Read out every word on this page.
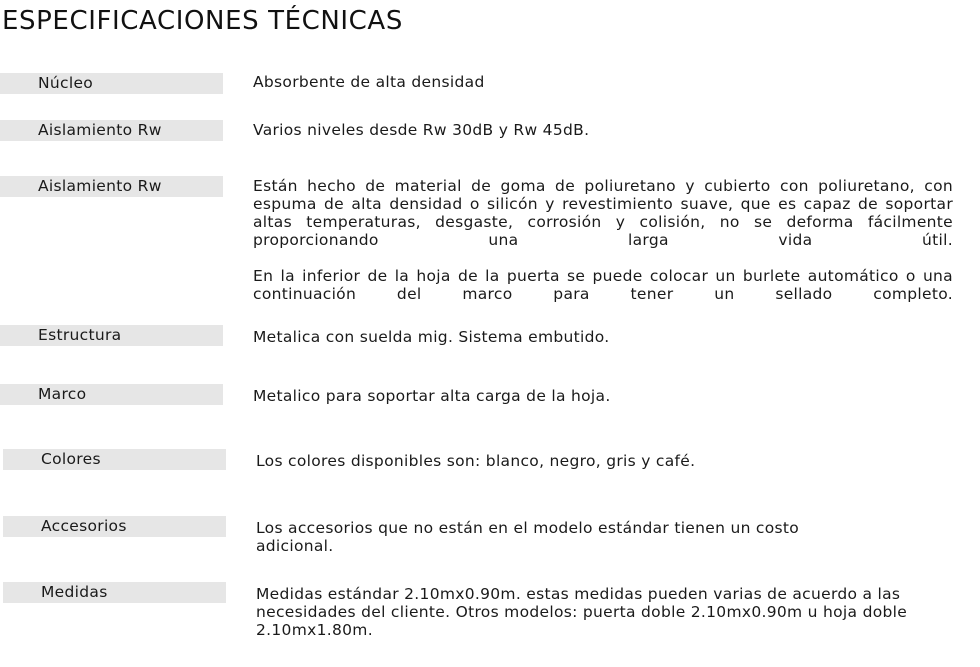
ESPECIFICACIONES TÉCNICAS
Núcleo	Absorbente de alta densidad
Aislamiento Rw	Varios niveles desde Rw 30dB y Rw 45dB.
Aislamiento Rw	Están hecho de material de goma de poliuretano y cubierto con poliuretano, con espuma de alta densidad o silicón y revestimiento suave, que es capaz de soportar altas temperaturas, desgaste, corrosión y colisión, no se deforma fácilmente proporcionando una larga vida útil.

En la inferior de la hoja de la puerta se puede colocar un burlete automático o una continuación del marco para tener un sellado completo.

Estructura	Metalica con suelda mig. Sistema embutido.
Marco	Metalico para soportar alta carga de la hoja.
Colores	Los colores disponibles son: blanco, negro, gris y café.
Accesorios	Los accesorios que no están en el modelo estándar tienen un costo adicional.
Medidas	Medidas estándar 2.10mx0.90m. estas medidas pueden varias de acuerdo a las necesidades del cliente. Otros modelos: puerta doble 2.10mx0.90m u hoja doble 2.10mx1.80m.
